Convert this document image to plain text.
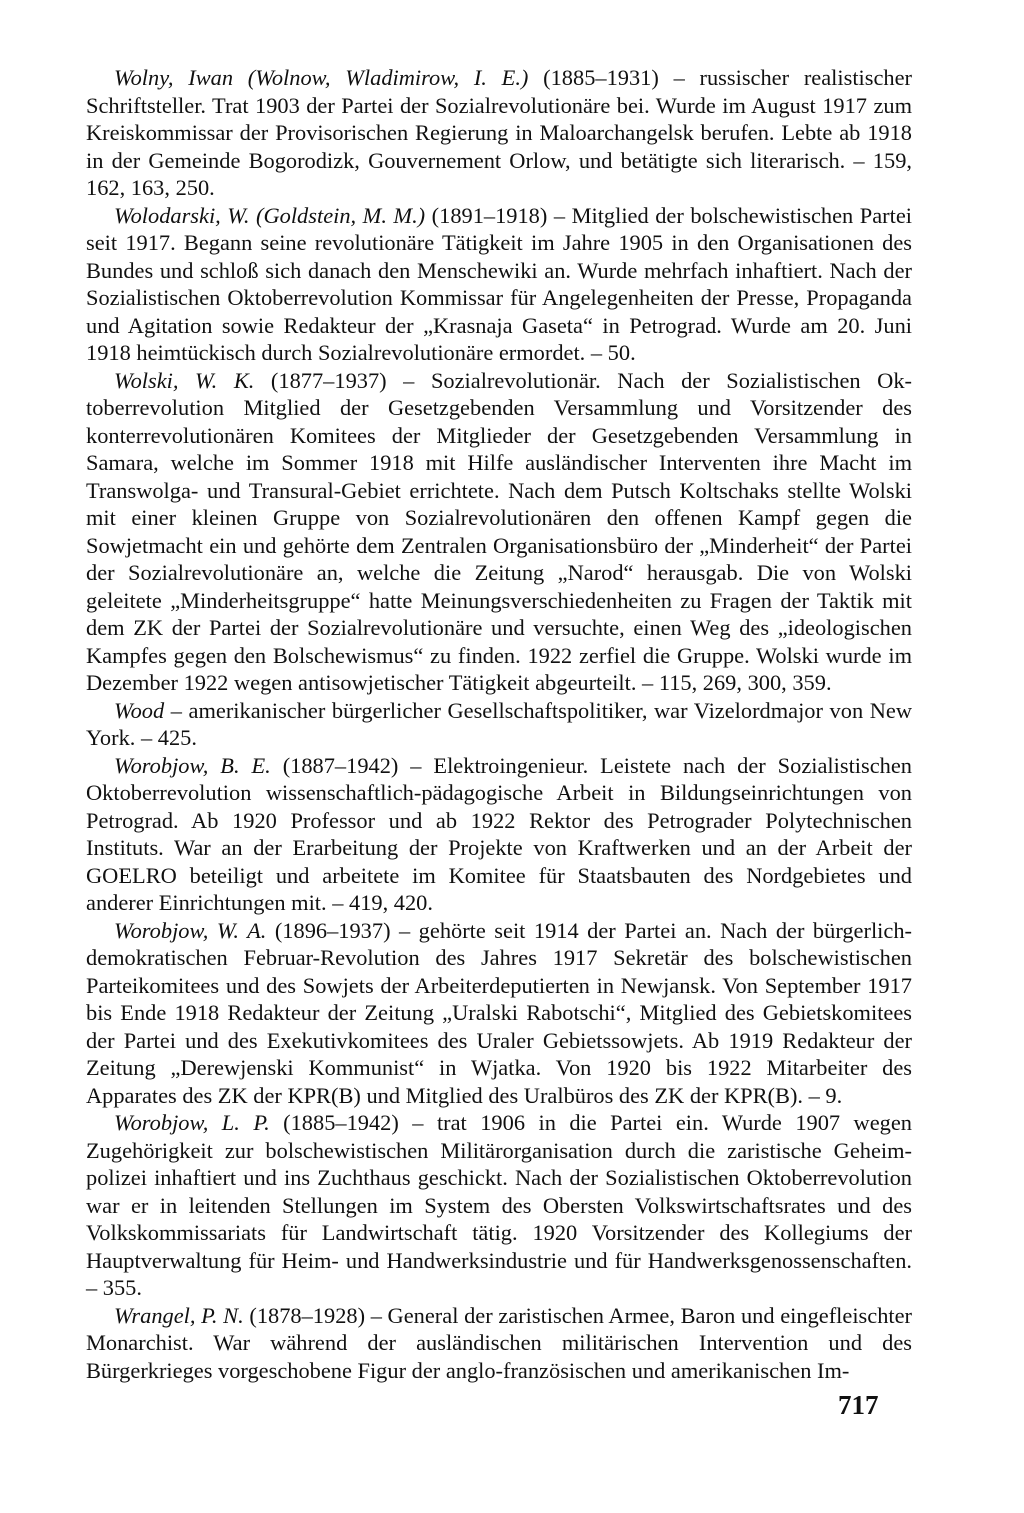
Wolny, Iwan (Wolnow, Wladimirow, I. E.) (1885–1931) – russischer realistischer Schriftsteller. Trat 1903 der Partei der Sozialrevolutionäre bei. Wurde im August 1917 zum Kreiskommissar der Provisorischen Regierung in Maloarchangelsk berufen. Lebte ab 1918 in der Gemeinde Bogorodizk, Gouvernement Orlow, und betätigte sich literarisch. – 159, 162, 163, 250.

Wolodarski, W. (Goldstein, M. M.) (1891–1918) – Mitglied der bolschewistischen Partei seit 1917. Begann seine revolutionäre Tätigkeit im Jahre 1905 in den Organisationen des Bundes und schloß sich danach den Menschewiki an. Wurde mehrfach inhaftiert. Nach der Sozialistischen Oktoberrevolution Kommissar für Angelegenheiten der Presse, Propaganda und Agitation sowie Redakteur der „Krasnaja Gaseta“ in Petrograd. Wurde am 20. Juni 1918 heimtückisch durch Sozialrevolutionäre ermordet. – 50.

Wolski, W. K. (1877–1937) – Sozialrevolutionär. Nach der Sozialistischen Oktoberrevolution Mitglied der Gesetzgebenden Versammlung und Vorsitzender des konterrevolutionären Komitees der Mitglieder der Gesetzgebenden Versammlung in Samara, welche im Sommer 1918 mit Hilfe ausländischer Interventen ihre Macht im Transwolga- und Transural-Gebiet errichtete. Nach dem Putsch Koltschaks stellte Wolski mit einer kleinen Gruppe von Sozialrevolutionären den offenen Kampf gegen die Sowjetmacht ein und gehörte dem Zentralen Organisationsbüro der „Minderheit“ der Partei der Sozialrevolutionäre an, welche die Zeitung „Narod“ herausgab. Die von Wolski geleitete „Minderheitsgruppe“ hatte Meinungsverschiedenheiten zu Fragen der Taktik mit dem ZK der Partei der Sozialrevolutionäre und versuchte, einen Weg des „ideologischen Kampfes gegen den Bolschewismus“ zu finden. 1922 zerfiel die Gruppe. Wolski wurde im Dezember 1922 wegen antisowjetischer Tätigkeit abgeurteilt. – 115, 269, 300, 359.

Wood – amerikanischer bürgerlicher Gesellschaftspolitiker, war Vizelordmajor von New York. – 425.

Worobjow, B. E. (1887–1942) – Elektroingenieur. Leistete nach der Sozialistischen Oktoberrevolution wissenschaftlich-pädagogische Arbeit in Bildungseinrichtungen von Petrograd. Ab 1920 Professor und ab 1922 Rektor des Petrograder Polytechnischen Instituts. War an der Erarbeitung der Projekte von Kraftwerken und an der Arbeit der GOELRO beteiligt und arbeitete im Komitee für Staatsbauten des Nordgebietes und anderer Einrichtungen mit. – 419, 420.

Worobjow, W. A. (1896–1937) – gehörte seit 1914 der Partei an. Nach der bürgerlich-demokratischen Februar-Revolution des Jahres 1917 Sekretär des bolschewistischen Parteikomitees und des Sowjets der Arbeiterdeputierten in Newjansk. Von September 1917 bis Ende 1918 Redakteur der Zeitung „Uralski Rabotschi“, Mitglied des Gebietskomitees der Partei und des Exekutivkomitees des Uraler Gebietssowjets. Ab 1919 Redakteur der Zeitung „Derewjenski Kommunist“ in Wjatka. Von 1920 bis 1922 Mitarbeiter des Apparates des ZK der KPR(B) und Mitglied des Uralbüros des ZK der KPR(B). – 9.

Worobjow, L. P. (1885–1942) – trat 1906 in die Partei ein. Wurde 1907 wegen Zugehörigkeit zur bolschewistischen Militärorganisation durch die zaristische Geheimpolizei inhaftiert und ins Zuchthaus geschickt. Nach der Sozialistischen Oktoberrevolution war er in leitenden Stellungen im System des Obersten Volkswirtschaftsrates und des Volkskommissariats für Landwirtschaft tätig. 1920 Vorsitzender des Kollegiums der Hauptverwaltung für Heim- und Handwerksindustrie und für Handwerksgenossenschaften. – 355.

Wrangel, P. N. (1878–1928) – General der zaristischen Armee, Baron und eingefleischter Monarchist. War während der ausländischen militärischen Intervention und des Bürgerkrieges vorgeschobene Figur der anglo-französischen und amerikanischen Im-

717
